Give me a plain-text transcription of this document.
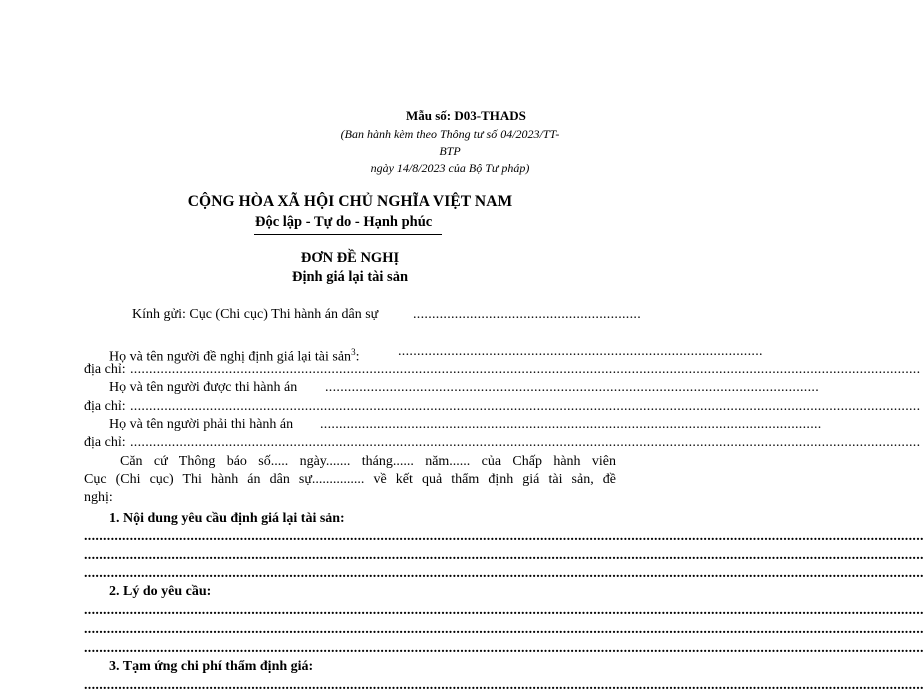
Mẫu số: D03-THADS
(Ban hành kèm theo Thông tư số 04/2023/TT-
BTP
ngày 14/8/2023 của Bộ Tư pháp)
CỘNG HÒA XÃ HỘI CHỦ NGHĨA VIỆT NAM
Độc lập - Tự do - Hạnh phúc
ĐƠN ĐỀ NGHỊ
Định giá lại tài sản
Kính gửi: Cục (Chi cục) Thi hành án dân sự ............................................................
Họ và tên người đề nghị định giá lại tài sản$^3$:	................................................................................................
địa chỉ: ................................................................................................................................................................................................................
Họ và tên người được thi hành án ..................................................................................................................................
địa chỉ: ................................................................................................................................................................................................................
Họ và tên người phải thi hành án ....................................................................................................................................
địa chỉ: ................................................................................................................................................................................................................
Căn cứ Thông báo số..... ngày....... tháng...... năm...... của Chấp hành viên
Cục (Chi cục) Thi hành án dân sự............... về kết quả thẩm định giá tài sản, đề
nghị:
1. Nội dung yêu cầu định giá lại tài sản:
.............................................................................................................................................................................................................................
.............................................................................................................................................................................................................................
.............................................................................................................................................................................................................................
2. Lý do yêu cầu:
.............................................................................................................................................................................................................................
.............................................................................................................................................................................................................................
.............................................................................................................................................................................................................................
3. Tạm ứng chi phí thẩm định giá:
.............................................................................................................................................................................................................................
